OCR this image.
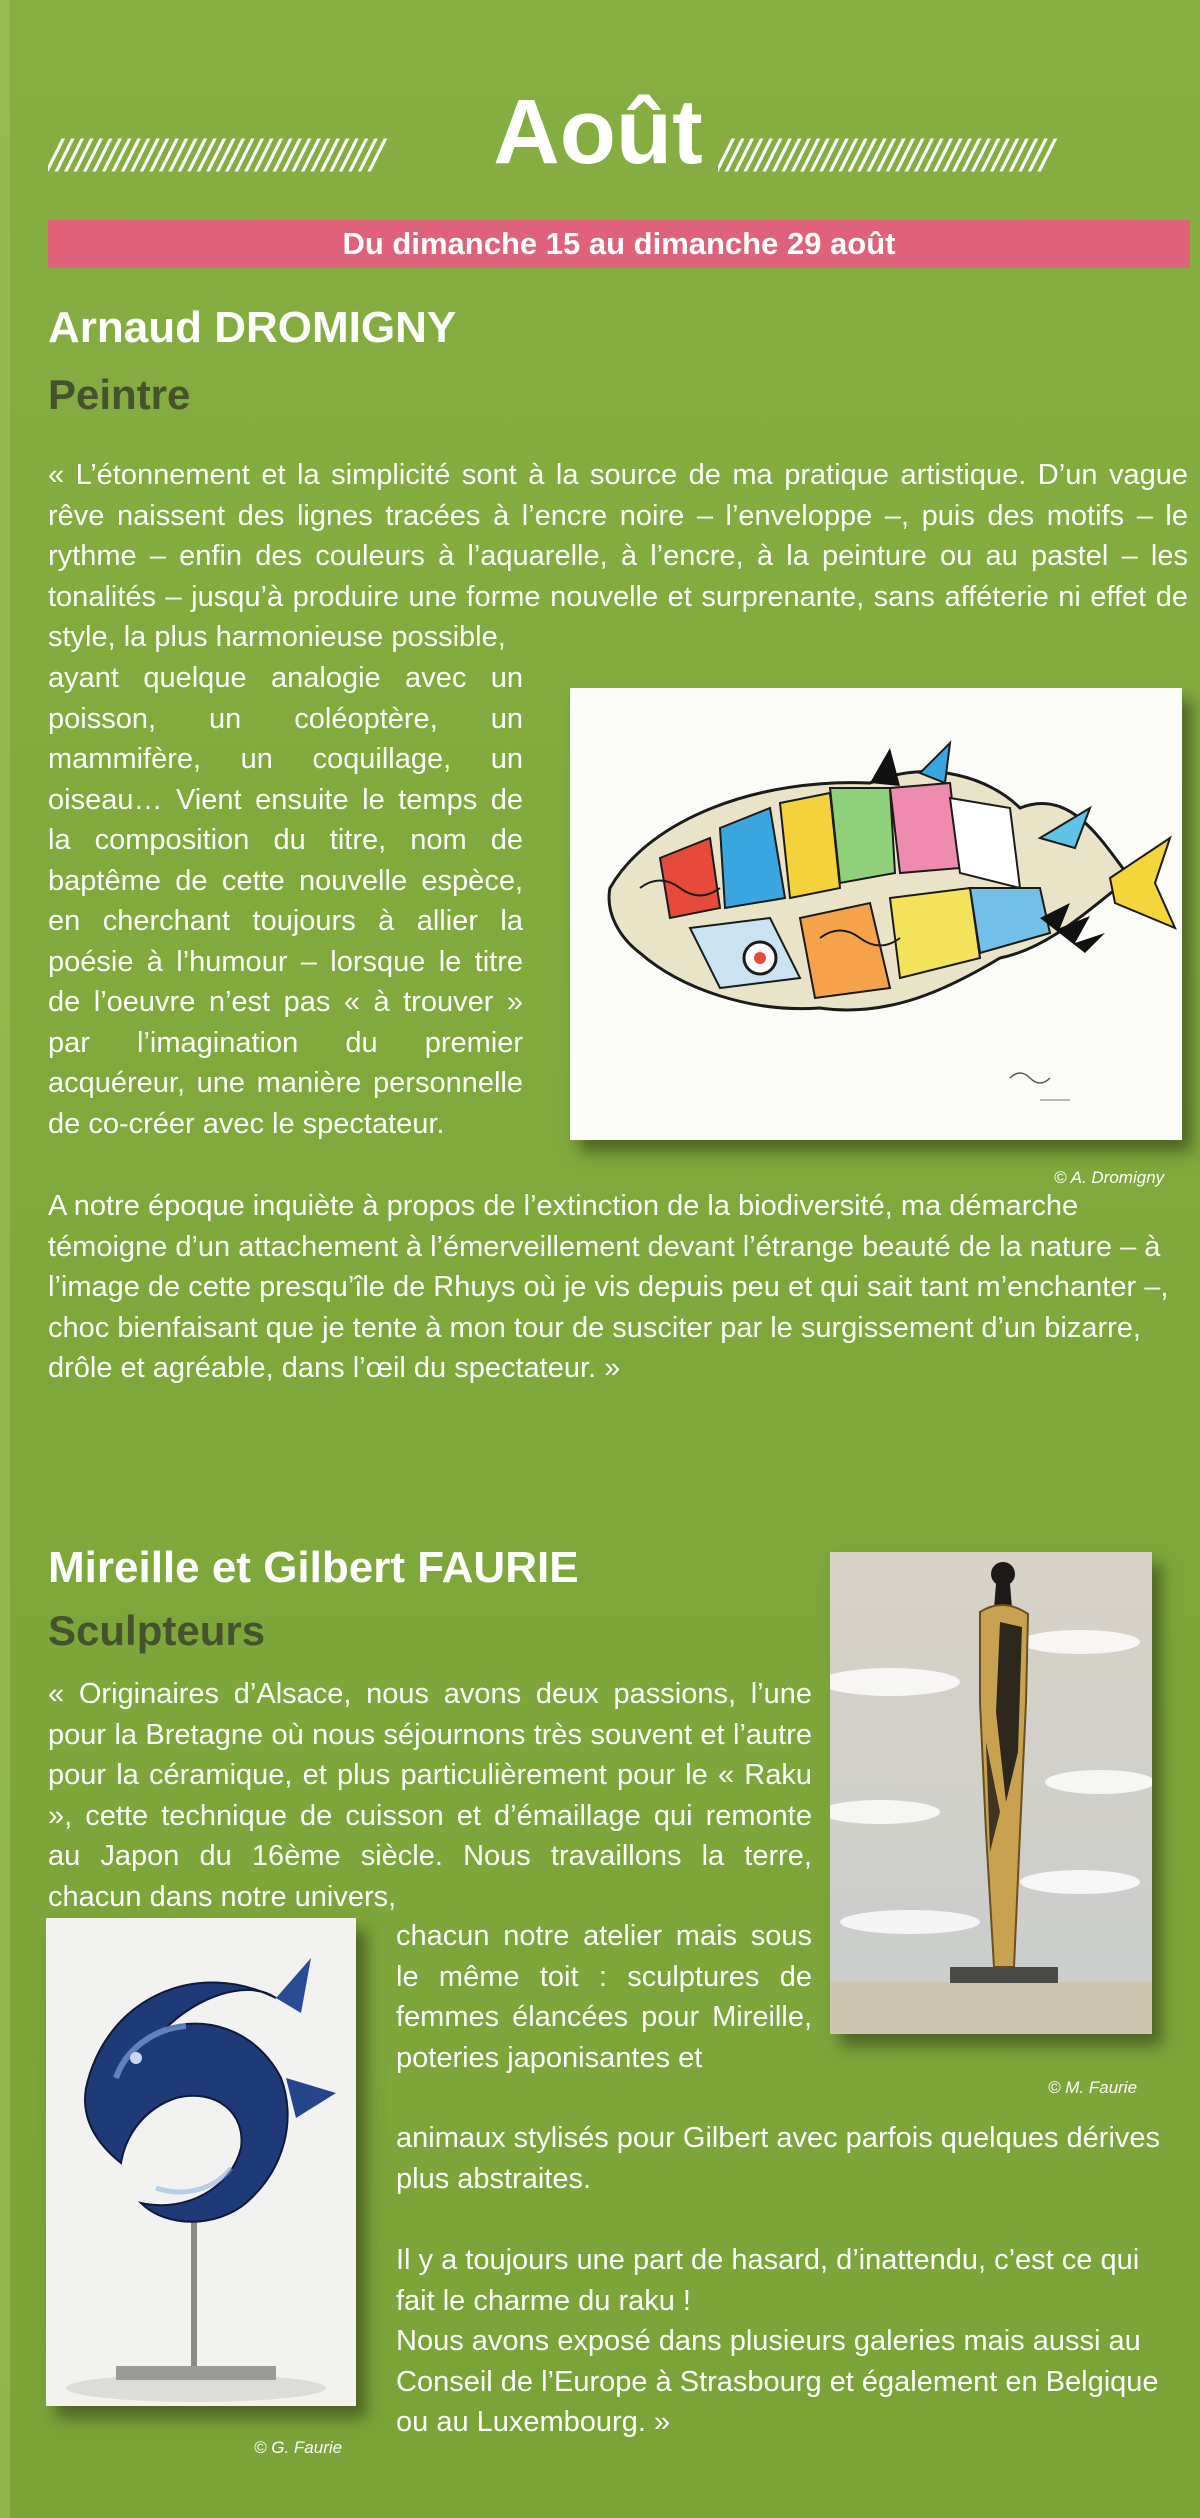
///////////////////////////////////	Août ///////////////////////////////////
Du dimanche 15 au dimanche 29 août
Arnaud DROMIGNY
Peintre
« L’étonnement et la simplicité sont à la source de ma pratique artistique. D’un vague rêve naissent des lignes tracées à l’encre noire – l’enveloppe –, puis des motifs – le rythme – enfin des couleurs à l’aquarelle, à l’encre, à la peinture ou au pastel – les tonalités – jusqu’à produire une forme nouvelle et surprenante, sans afféterie ni effet de style, la plus harmonieuse possible,
ayant quelque analogie avec un poisson, un coléoptère, un mammifère, un coquillage, un oiseau… Vient ensuite le temps de la composition du titre, nom de baptême de cette nouvelle espèce, en cherchant toujours à allier la poésie à l’humour – lorsque le titre de l’oeuvre n’est pas « à trouver » par l’imagination du premier acquéreur, une manière personnelle de co-créer avec le spectateur.
© A. Dromigny
A notre époque inquiète à propos de l’extinction de la biodiversité, ma démarche témoigne d’un attachement à l’émerveillement devant l’étrange beauté de la nature – à l’image de cette presqu’île de Rhuys où je vis depuis peu et qui sait tant m’enchanter –, choc bienfaisant que je tente à mon tour de susciter par le surgissement d’un bizarre, drôle et agréable, dans l’œil du spectateur. »
Mireille et Gilbert FAURIE
Sculpteurs
© M. Faurie
« Originaires d’Alsace, nous avons deux passions, l’une pour la Bretagne où nous séjournons très souvent et l’autre pour la céramique, et plus particulièrement pour le « Raku », cette technique de cuisson et d’émaillage qui remonte au Japon du 16ème siècle. Nous travaillons la terre, chacun dans notre univers,
© G. Faurie
chacun notre atelier mais sous le même toit : sculptures de femmes élancées pour Mireille, poteries japonisantes et
animaux stylisés pour Gilbert avec parfois quelques dérives plus abstraites.
Il y a toujours une part de hasard, d’inattendu, c’est ce qui fait le charme du raku !
Nous avons exposé dans plusieurs galeries mais aussi au Conseil de l’Europe à Strasbourg et également en Belgique ou au Luxembourg. »
